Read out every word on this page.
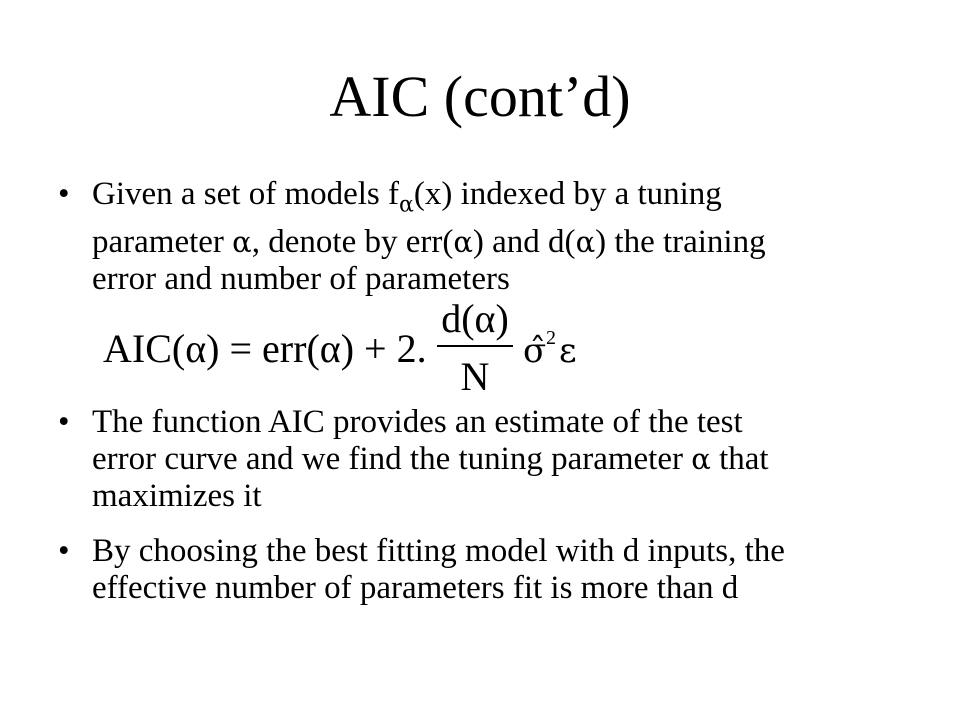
AIC (cont’d)
• Given a set of models $f_\alpha(x)$ indexed by a tuning
parameter α, denote by err(α) and d(α) the training
error and number of parameters
AIC(α) = err(α) + 2.
d(α)
N
σ̂ 2 ε
• The function AIC provides an estimate of the test
error curve and we find the tuning parameter α that
maximizes it
• By choosing the best fitting model with d inputs, the
effective number of parameters fit is more than d
